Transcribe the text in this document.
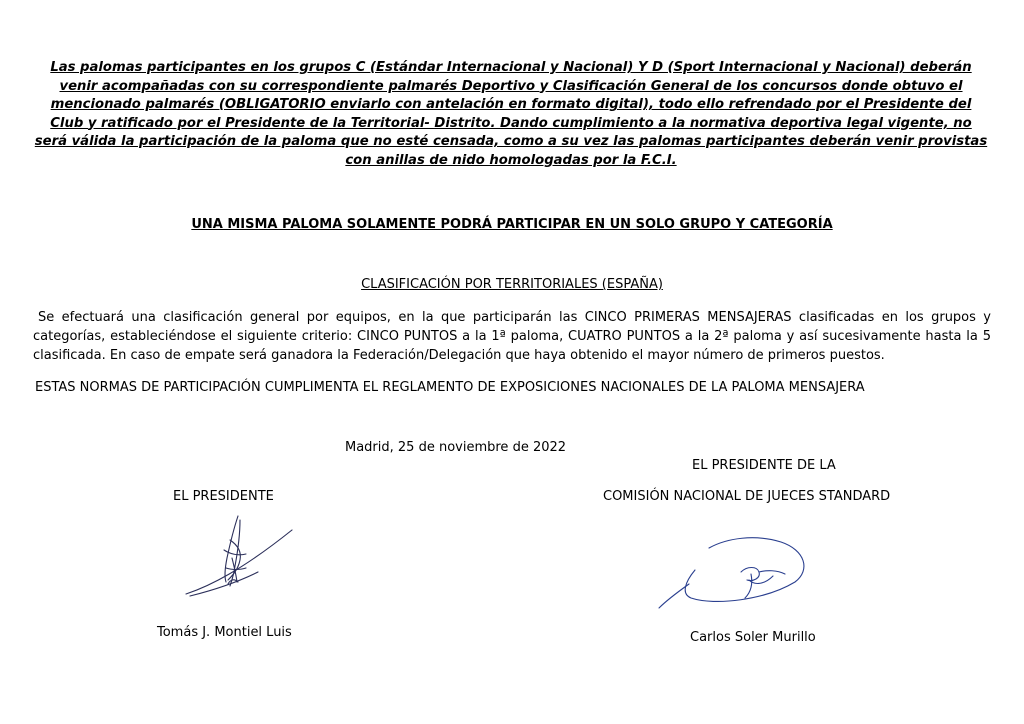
Las palomas participantes en los grupos C (Estándar Internacional y Nacional) Y D (Sport Internacional y Nacional) deberán venir acompañadas con su correspondiente palmarés Deportivo y Clasificación General de los concursos donde obtuvo el mencionado palmarés (OBLIGATORIO enviarlo con antelación en formato digital), todo ello refrendado por el Presidente del Club y ratificado por el Presidente de la Territorial- Distrito. Dando cumplimiento a la normativa deportiva legal vigente, no será válida la participación de la paloma que no esté censada, como a su vez las palomas participantes deberán venir provistas con anillas de nido homologadas por la F.C.I.
UNA MISMA PALOMA SOLAMENTE PODRÁ PARTICIPAR EN UN SOLO GRUPO Y CATEGORÍA
CLASIFICACIÓN POR TERRITORIALES (ESPAÑA)
Se efectuará una clasificación general por equipos, en la que participarán las CINCO PRIMERAS MENSAJERAS clasificadas en los grupos y categorías, estableciéndose el siguiente criterio: CINCO PUNTOS a la 1ª paloma, CUATRO PUNTOS a la 2ª paloma y así sucesivamente hasta la 5 clasificada. En caso de empate será ganadora la Federación/Delegación que haya obtenido el mayor número de primeros puestos.
ESTAS NORMAS DE PARTICIPACIÓN CUMPLIMENTA EL REGLAMENTO DE EXPOSICIONES NACIONALES DE LA PALOMA MENSAJERA
Madrid, 25 de noviembre de 2022
EL PRESIDENTE DE LA
EL PRESIDENTE	COMISIÓN NACIONAL DE JUECES STANDARD
Tomás J. Montiel Luis	Carlos Soler Murillo
